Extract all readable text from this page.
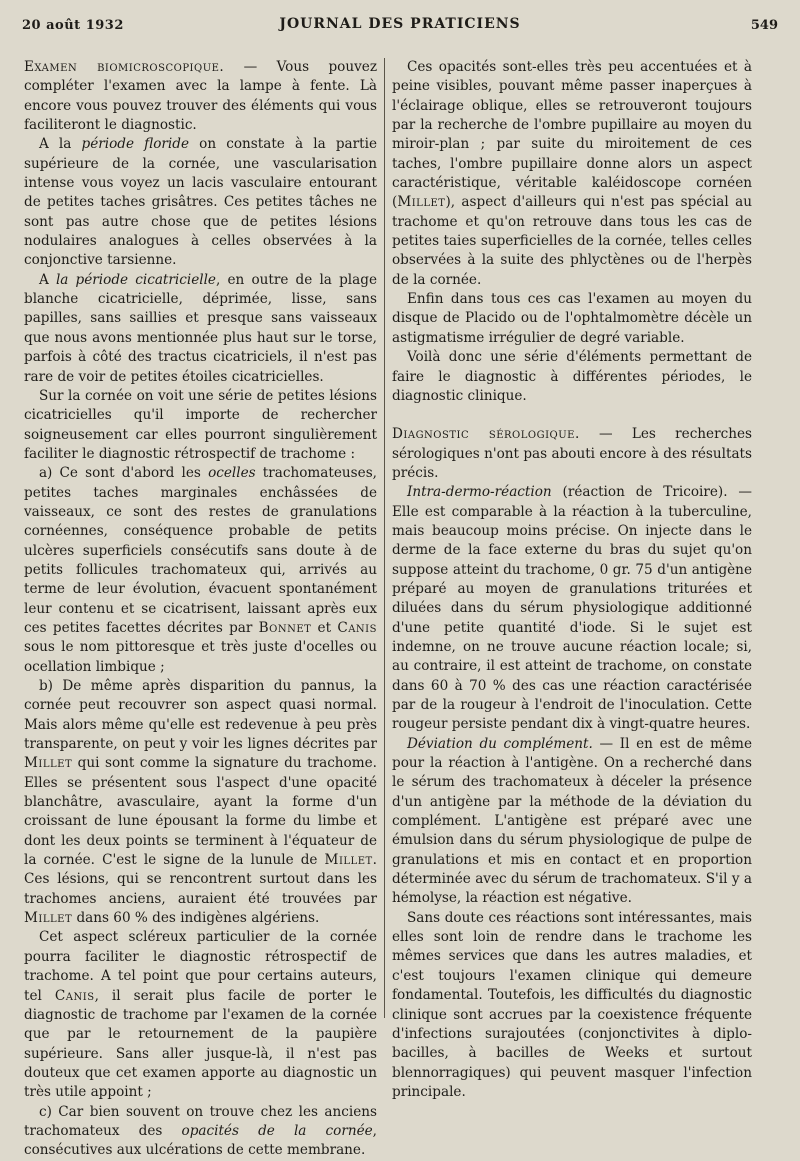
20 août 1932	JOURNAL DES PRATICIENS	549

Examen biomicroscopique. — Vous pouvez compléter l'examen avec la lampe à fente. Là encore vous pouvez trouver des éléments qui vous faciliteront le diagnostic.

A la période floride on constate à la partie supérieure de la cornée, une vascularisation intense vous voyez un lacis vasculaire entourant de petites taches grisâtres. Ces petites tâches ne sont pas autre chose que de petites lésions nodulaires analogues à celles observées à la conjonctive tarsienne.

A la période cicatricielle, en outre de la plage blanche cicatricielle, déprimée, lisse, sans papilles, sans saillies et presque sans vaisseaux que nous avons mentionnée plus haut sur le torse, parfois à côté des tractus cicatriciels, il n'est pas rare de voir de petites étoiles cicatricielles.

Sur la cornée on voit une série de petites lésions cicatricielles qu'il importe de rechercher soigneusement car elles pourront singulièrement faciliter le diagnostic rétrospectif de trachome :

a) Ce sont d'abord les ocelles trachomateuses, petites taches marginales enchâssées de vaisseaux, ce sont des restes de granulations cornéennes, conséquence probable de petits ulcères superficiels consécutifs sans doute à de petits follicules trachomateux qui, arrivés au terme de leur évolution, évacuent spontanément leur contenu et se cicatrisent, laissant après eux ces petites facettes décrites par Bonnet et Canis sous le nom pittoresque et très juste d'ocelles ou ocellation limbique ;

b) De même après disparition du pannus, la cornée peut recouvrer son aspect quasi normal. Mais alors même qu'elle est redevenue à peu près transparente, on peut y voir les lignes décrites par Millet qui sont comme la signature du trachome. Elles se présentent sous l'aspect d'une opacité blanchâtre, avasculaire, ayant la forme d'un croissant de lune épousant la forme du limbe et dont les deux points se terminent à l'équateur de la cornée. C'est le signe de la lunule de Millet. Ces lésions, qui se rencontrent surtout dans les trachomes anciens, auraient été trouvées par Millet dans 60 % des indigènes algériens.

Cet aspect scléreux particulier de la cornée pourra faciliter le diagnostic rétrospectif de trachome. A tel point que pour certains auteurs, tel Canis, il serait plus facile de porter le diagnostic de trachome par l'examen de la cornée que par le retournement de la paupière supérieure. Sans aller jusque-là, il n'est pas douteux que cet examen apporte au diagnostic un très utile appoint ;

c) Car bien souvent on trouve chez les anciens trachomateux des opacités de la cornée, consécutives aux ulcérations de cette membrane.

Ces opacités sont-elles très peu accentuées et à peine visibles, pouvant même passer inaperçues à l'éclairage oblique, elles se retrouveront toujours par la recherche de l'ombre pupillaire au moyen du miroir-plan ; par suite du miroitement de ces taches, l'ombre pupillaire donne alors un aspect caractéristique, véritable kaléidoscope cornéen (Millet), aspect d'ailleurs qui n'est pas spécial au trachome et qu'on retrouve dans tous les cas de petites taies superficielles de la cornée, telles celles observées à la suite des phlyctènes ou de l'herpès de la cornée.

Enfin dans tous ces cas l'examen au moyen du disque de Placido ou de l'ophtalmomètre décèle un astigmatisme irrégulier de degré variable.

Voilà donc une série d'éléments permettant de faire le diagnostic à différentes périodes, le diagnostic clinique.

Diagnostic sérologique. — Les recherches sérologiques n'ont pas abouti encore à des résultats précis.

Intra-dermo-réaction (réaction de Tricoire). — Elle est comparable à la réaction à la tuberculine, mais beaucoup moins précise. On injecte dans le derme de la face externe du bras du sujet qu'on suppose atteint du trachome, 0 gr. 75 d'un antigène préparé au moyen de granulations triturées et diluées dans du sérum physiologique additionné d'une petite quantité d'iode. Si le sujet est indemne, on ne trouve aucune réaction locale; si, au contraire, il est atteint de trachome, on constate dans 60 à 70 % des cas une réaction caractérisée par de la rougeur à l'endroit de l'inoculation. Cette rougeur persiste pendant dix à vingt-quatre heures.

Déviation du complément. — Il en est de même pour la réaction à l'antigène. On a recherché dans le sérum des trachomateux à déceler la présence d'un antigène par la méthode de la déviation du complément. L'antigène est préparé avec une émulsion dans du sérum physiologique de pulpe de granulations et mis en contact et en proportion déterminée avec du sérum de trachomateux. S'il y a hémolyse, la réaction est négative.

Sans doute ces réactions sont intéressantes, mais elles sont loin de rendre dans le trachome les mêmes services que dans les autres maladies, et c'est toujours l'examen clinique qui demeure fondamental. Toutefois, les difficultés du diagnostic clinique sont accrues par la coexistence fréquente d'infections surajoutées (conjonctivites à diplo-bacilles, à bacilles de Weeks et surtout blennorragiques) qui peuvent masquer l'infection principale.
